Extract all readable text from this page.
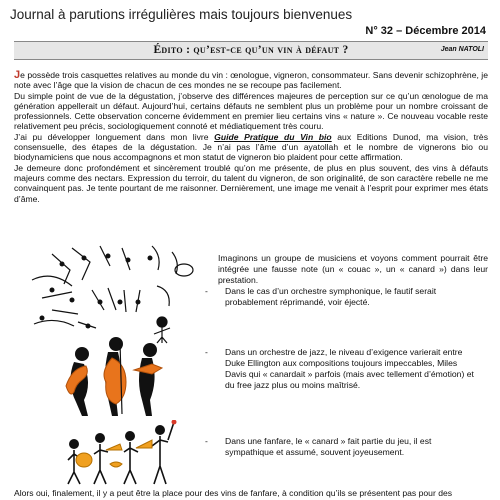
Journal à parutions irrégulières mais toujours bienvenues
N° 32 – Décembre 2014
Édito : qu’est-ce qu’un vin à défaut ?	Jean NATOLI

Je possède trois casquettes relatives au monde du vin : œnologue, vigneron, consommateur. Sans devenir schizophrène, je note avec l’âge que la vision de chacun de ces mondes ne se recoupe pas facilement.

Du simple point de vue de la dégustation, j’observe des différences majeures de perception sur ce qu’un œnologue de ma génération appellerait un défaut. Aujourd’hui, certains défauts ne semblent plus un problème pour un nombre croissant de professionnels. Cette observation concerne évidemment en premier lieu certains vins « nature ». Ce nouveau vocable reste relativement peu précis, sociologiquement connoté et médiatiquement très couru.

J’ai pu développer longuement dans mon livre Guide Pratique du Vin bio aux Editions Dunod, ma vision, très consensuelle, des étapes de la dégustation. Je n’ai pas l’âme d’un ayatollah et le nombre de vignerons bio ou biodynamiciens que nous accompagnons et mon statut de vigneron bio plaident pour cette affirmation.

Je demeure donc profondément et sincèrement troublé qu’on me présente, de plus en plus souvent, des vins à défauts majeurs comme des nectars. Expression du terroir, du talent du vigneron, de son originalité, de son caractère rebelle ne me convainquent pas. Je tente pourtant de me raisonner. Dernièrement, une image me venait à l’esprit pour exprimer mes états d’âme.

Imaginons un groupe de musiciens et voyons comment pourrait être intégrée une fausse note (un « couac », un « canard ») dans leur prestation.
- Dans le cas d’un orchestre symphonique, le fautif serait probablement réprimandé, voir éjecté.
- Dans un orchestre de jazz, le niveau d’exigence varierait entre Duke Ellington aux compositions toujours impeccables, Miles Davis qui « canardait » parfois (mais avec tellement d’émotion) et du free jazz plus ou moins maîtrisé.
- Dans une fanfare, le « canard » fait partie du jeu, il est sympathique et assumé, souvent joyeusement.
Alors oui, finalement, il y a peut être la place pour des vins de fanfare, à condition qu’ils se présentent pas pour des
